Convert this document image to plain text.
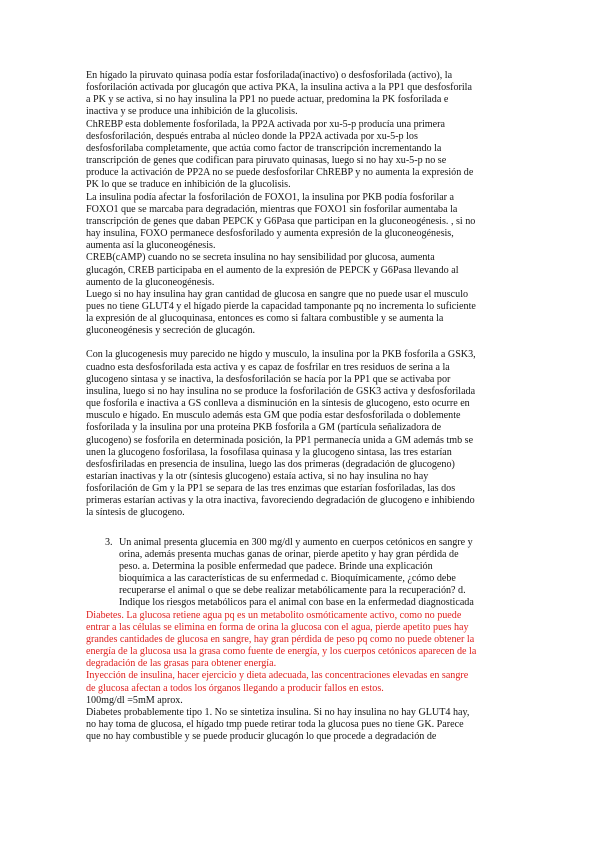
En hígado la piruvato quinasa podía estar fosforilada(inactivo) o desfosforilada (activo), la
fosforilación activada por glucagón que activa PKA, la insulina activa a la PP1 que desfosforila
a PK y se activa, si no hay insulina la PP1 no puede actuar, predomina la PK fosforilada e
inactiva y se produce una inhibición de la glucolisis.

ChREBP esta doblemente fosforilada, la PP2A activada por xu-5-p producía una primera
desfosforilación, después entraba al núcleo donde la PP2A activada por xu-5-p los
desfosforilaba completamente, que actúa como factor de transcripción incrementando la
transcripción de genes que codifican para piruvato quinasas, luego si no hay xu-5-p no se
produce la activación de PP2A no se puede desfosforilar ChREBP y no aumenta la expresión de
PK lo que se traduce en inhibición de la glucolisis.

La insulina podía afectar la fosforilación de FOXO1, la insulina por PKB podía fosforilar a
FOXO1 que se marcaba para degradación, mientras que FOXO1 sin fosforilar aumentaba la
transcripción de genes que daban PEPCK y G6Pasa que participan en la gluconeogénesis. , si no
hay insulina, FOXO permanece desfosforilado y aumenta expresión de la gluconeogénesis,
aumenta así la gluconeogénesis.

CREB(cAMP) cuando no se secreta insulina no hay sensibilidad por glucosa, aumenta
glucagón, CREB participaba en el aumento de la expresión de PEPCK y G6Pasa llevando al
aumento de la gluconeogénesis.

Luego si no hay insulina hay gran cantidad de glucosa en sangre que no puede usar el musculo
pues no tiene GLUT4 y el hígado pierde la capacidad tamponante pq no incrementa lo suficiente
la expresión de al glucoquinasa, entonces es como si faltara combustible y se aumenta la
gluconeogénesis y secreción de glucagón.

Con la glucogenesis muy parecido ne higdo y musculo, la insulina por la PKB fosforila a GSK3,
cuadno esta desfosforilada esta activa y es capaz de fosfrilar en tres residuos de serina a la
glucogeno sintasa y se inactiva, la desfosforilación se hacía por la PP1 que se activaba por
insulina, luego si no hay insulina no se produce la fosforilación de GSK3 activa y desfosforilada
que fosforila e inactiva a GS conlleva a disminución en la síntesis de glucogeno, esto ocurre en
musculo e hígado. En musculo además esta GM que podía estar desfosforilada o doblemente
fosforilada y la insulina por una proteína PKB fosforila a GM (partícula señalizadora de
glucogeno) se fosforila en determinada posición, la PP1 permanecía unida a GM además tmb se
unen la glucogeno fosforilasa, la fosofilasa quinasa y la glucogeno sintasa, las tres estarían
desfosfiriladas en presencia de insulina, luego las dos primeras (degradación de glucogeno)
estarían inactivas y la otr (síntesis glucogeno) estaía activa, si no hay insulina no hay
fosforilación de Gm y la PP1 se separa de las tres enzimas que estarían fosforiladas, las dos
primeras estarían activas y la otra inactiva, favoreciendo degradación de glucogeno e inhibiendo
la síntesis de glucogeno.

3. Un animal presenta glucemia en 300 mg/dl y aumento en cuerpos cetónicos en sangre y
orina, además presenta muchas ganas de orinar, pierde apetito y hay gran pérdida de
peso. a. Determina la posible enfermedad que padece. Brinde una explicación
bioquímica a las características de su enfermedad c. Bioquímicamente, ¿cómo debe
recuperarse el animal o que se debe realizar metabólicamente para la recuperación? d.
Indique los riesgos metabólicos para el animal con base en la enfermedad diagnosticada

Diabetes. La glucosa retiene agua pq es un metabolito osmóticamente activo, como no puede
entrar a las células se elimina en forma de orina la glucosa con el agua, pierde apetito pues hay
grandes cantidades de glucosa en sangre, hay gran pérdida de peso pq como no puede obtener la
energía de la glucosa usa la grasa como fuente de energía, y los cuerpos cetónicos aparecen de la
degradación de las grasas para obtener energía.

Inyección de insulina, hacer ejercicio y dieta adecuada, las concentraciones elevadas en sangre
de glucosa afectan a todos los órganos llegando a producir fallos en estos.

100mg/dl =5mM aprox.

Diabetes probablemente tipo 1. No se sintetiza insulina. Si no hay insulina no hay GLUT4 hay,
no hay toma de glucosa, el hígado tmp puede retirar toda la glucosa pues no tiene GK. Parece
que no hay combustible y se puede producir glucagón lo que procede a degradación de
